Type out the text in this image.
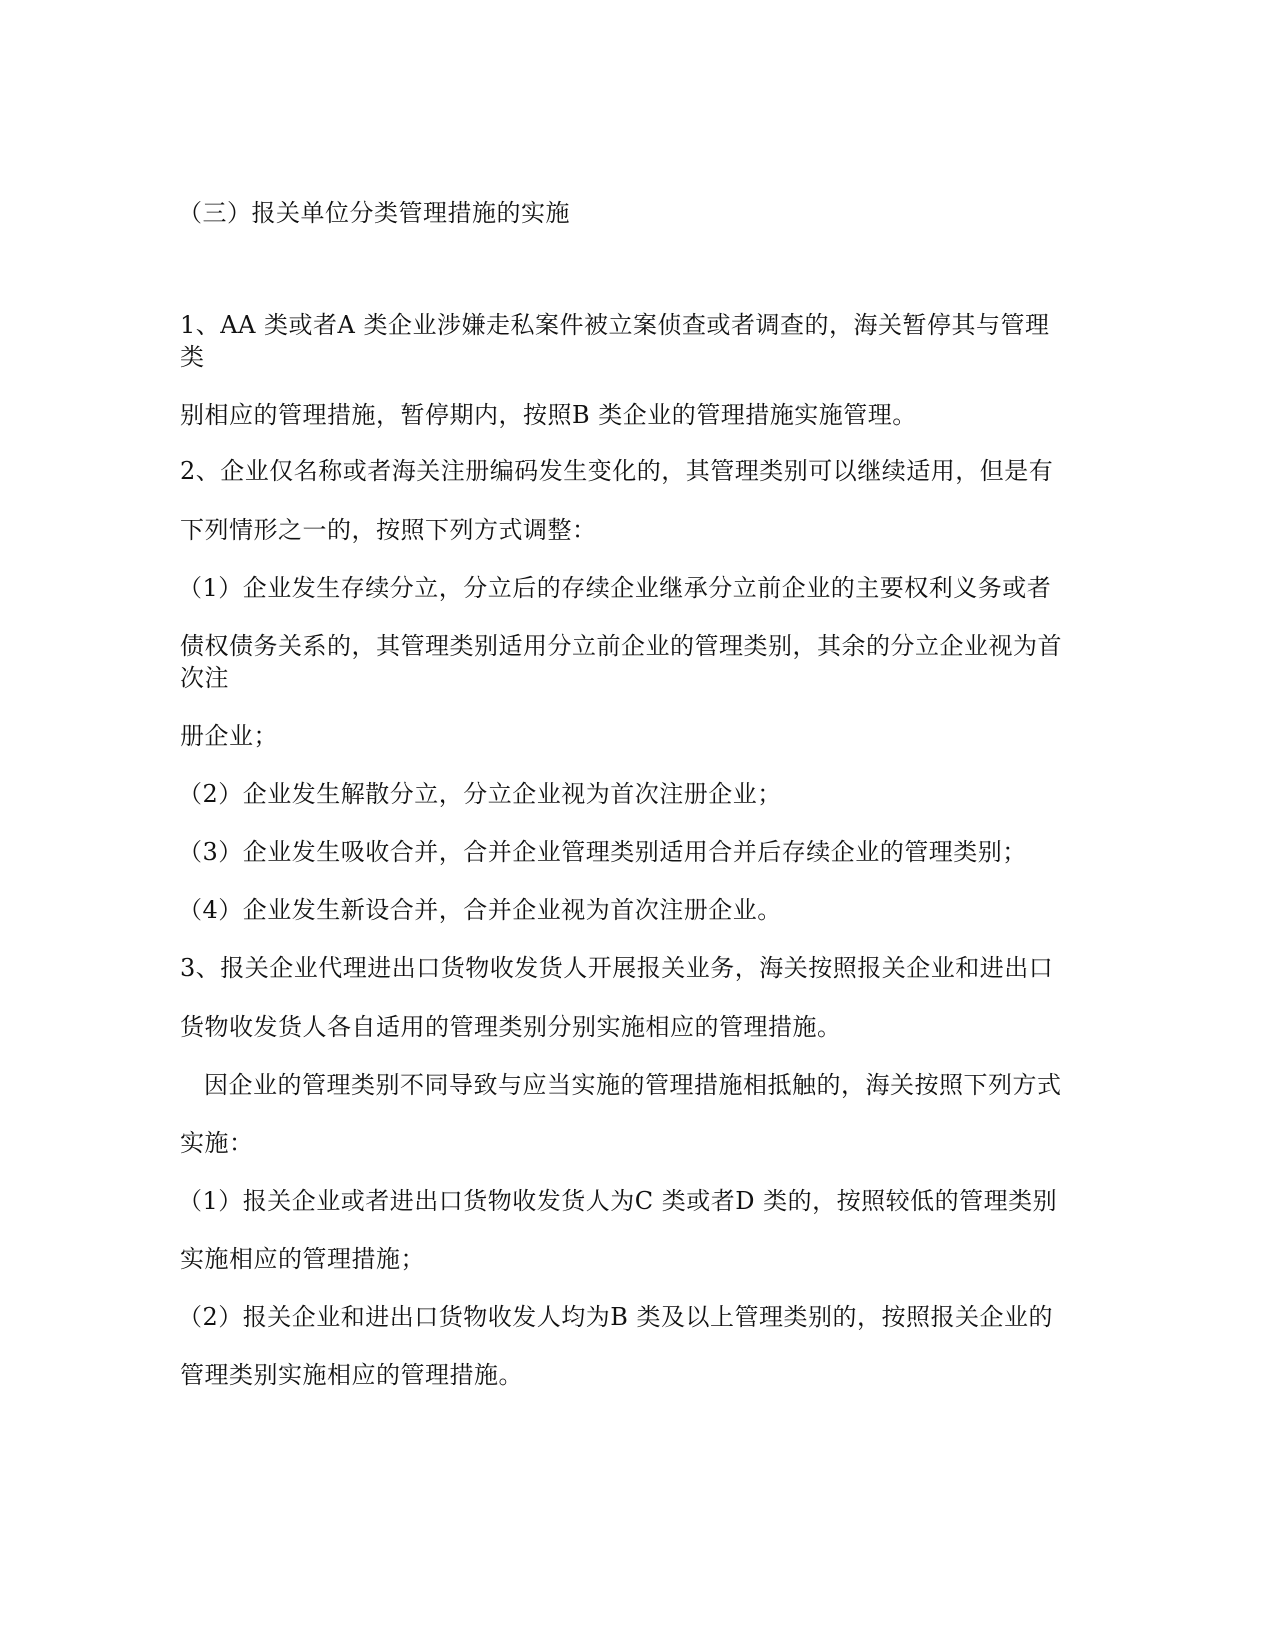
（三）报关单位分类管理措施的实施
1、AA 类或者A 类企业涉嫌走私案件被立案侦查或者调查的，海关暂停其与管理
类
别相应的管理措施，暂停期内，按照B 类企业的管理措施实施管理。
2、企业仅名称或者海关注册编码发生变化的，其管理类别可以继续适用，但是有
下列情形之一的，按照下列方式调整：
（1）企业发生存续分立，分立后的存续企业继承分立前企业的主要权利义务或者
债权债务关系的，其管理类别适用分立前企业的管理类别，其余的分立企业视为首
次注
册企业；
（2）企业发生解散分立，分立企业视为首次注册企业；
（3）企业发生吸收合并，合并企业管理类别适用合并后存续企业的管理类别；
（4）企业发生新设合并，合并企业视为首次注册企业。
3、报关企业代理进出口货物收发货人开展报关业务，海关按照报关企业和进出口
货物收发货人各自适用的管理类别分别实施相应的管理措施。
因企业的管理类别不同导致与应当实施的管理措施相抵触的，海关按照下列方式
实施：
（1）报关企业或者进出口货物收发货人为C 类或者D 类的，按照较低的管理类别
实施相应的管理措施；
（2）报关企业和进出口货物收发人均为B 类及以上管理类别的，按照报关企业的
管理类别实施相应的管理措施。
